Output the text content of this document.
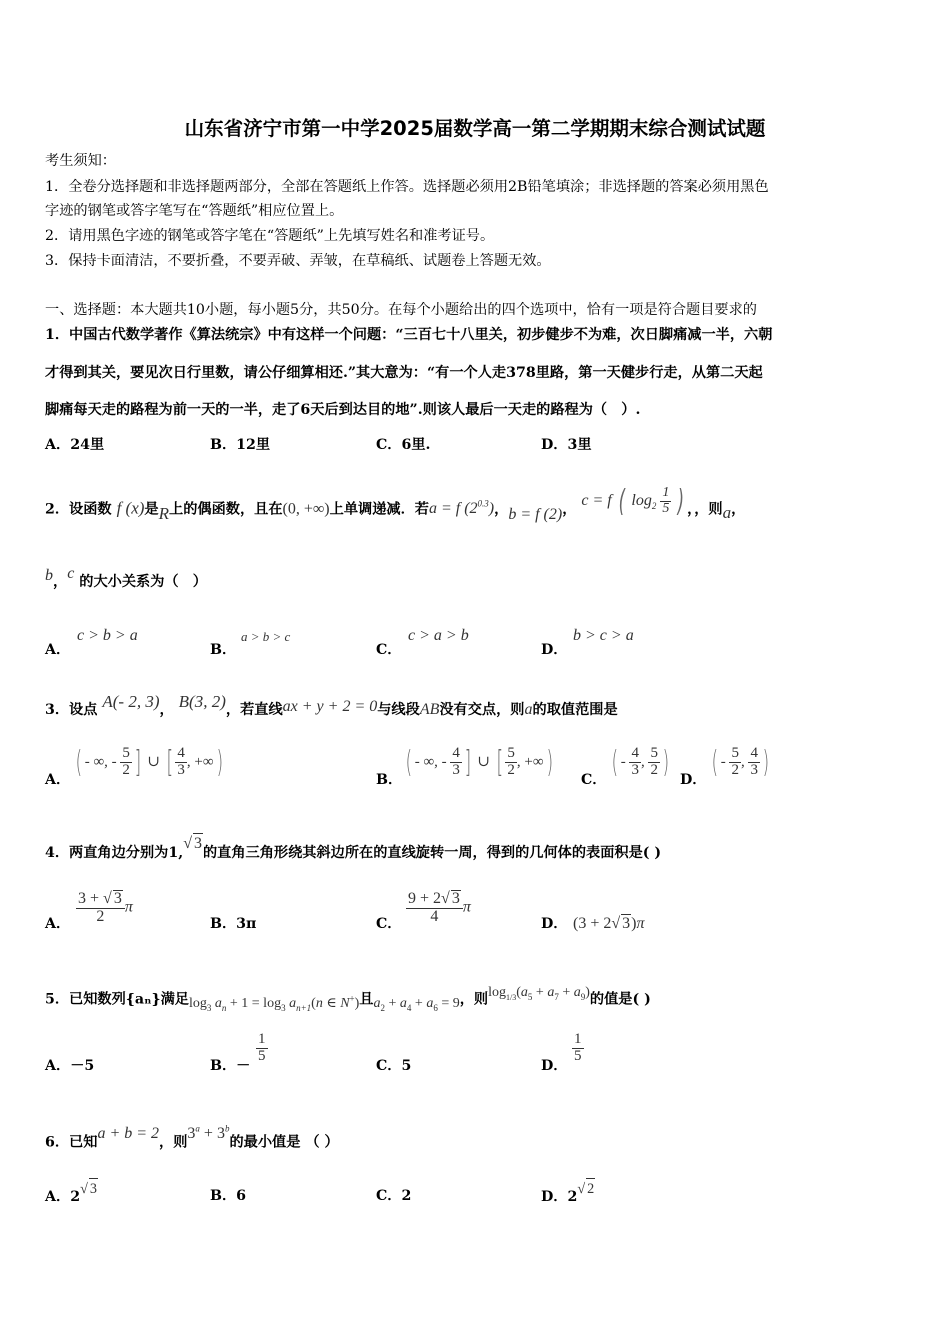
山东省济宁市第一中学2025届数学高一第二学期期末综合测试试题
考生须知：
1．全卷分选择题和非选择题两部分，全部在答题纸上作答。选择题必须用2B铅笔填涂；非选择题的答案必须用黑色
字迹的钢笔或答字笔写在“答题纸”相应位置上。
2．请用黑色字迹的钢笔或答字笔在“答题纸”上先填写姓名和准考证号。
3．保持卡面清洁，不要折叠，不要弄破、弄皱，在草稿纸、试题卷上答题无效。
一、选择题：本大题共10小题，每小题5分，共50分。在每个小题给出的四个选项中，恰有一项是符合题目要求的
1．中国古代数学著作《算法统宗》中有这样一个问题：“三百七十八里关，初步健步不为难，次日脚痛减一半，六朝
才得到其关，要见次日行里数，请公仔细算相还.”其大意为：“有一个人走378里路，第一天健步行走，从第二天起
脚痛每天走的路程为前一天的一半，走了6天后到达目的地”.则该人最后一天走的路程为（　）.
A．24里	B．12里	C．6里.	D．3里
2．设函数 f (x)是R上的偶函数，且在(0, +∞)上单调递减．若a = f $(2^{0.3})$，b = f (2)， c = f ( $\log_2 \frac{1}{5}$ ) ，，则a，
b，c 的大小关系为（　）
A．
c > b > a
B．
a > b > c
C．
c > a > b
D．
b > c > a
3．设点 A(- 2, 3)， B(3, 2)，若直线ax + y + 2 = 0与线段AB没有交点，则a的取值范围是
A． ( - ∞, - $\frac{5}{2}$ ] ∪ [ $\frac{4}{3}$ , +∞)	B． ( - ∞, - $\frac{4}{3}$ ] ∪ [ $\frac{5}{2}$ , +∞) C． ( - $\frac{4}{3}$ , $\frac{5}{2}$ ) D． ( - $\frac{5}{2}$ , $\frac{4}{3}$ )
4．两直角边分别为1,√ 3的直角三角形绕其斜边所在的直线旋转一周，得到的几何体的表面积是( )
A． $\frac{3 + √ 3}{2}$ π
B．3π	C． $\frac{9 + 2√ 3}{4}$ π
D． (3 + 2√ 3)π
5．已知数列{aₙ}满足$\log_3 a_n + 1 = \log_3 a_{n+1}(n$ ∈ N+)且$a_2 + a_4 + a_6 = 9$，则$\log_{1/3}(a_5 + a_7 + a_9)$的值是( )
A．－5	B．－
$\frac{1}{5}$
C．5	D．
$\frac{1}{5}$
6．已知a + b = 2，则$3^a + 3^b$的最小值是 （ ）
A．2√ 3	B．6	C．2	D．2√ 2
